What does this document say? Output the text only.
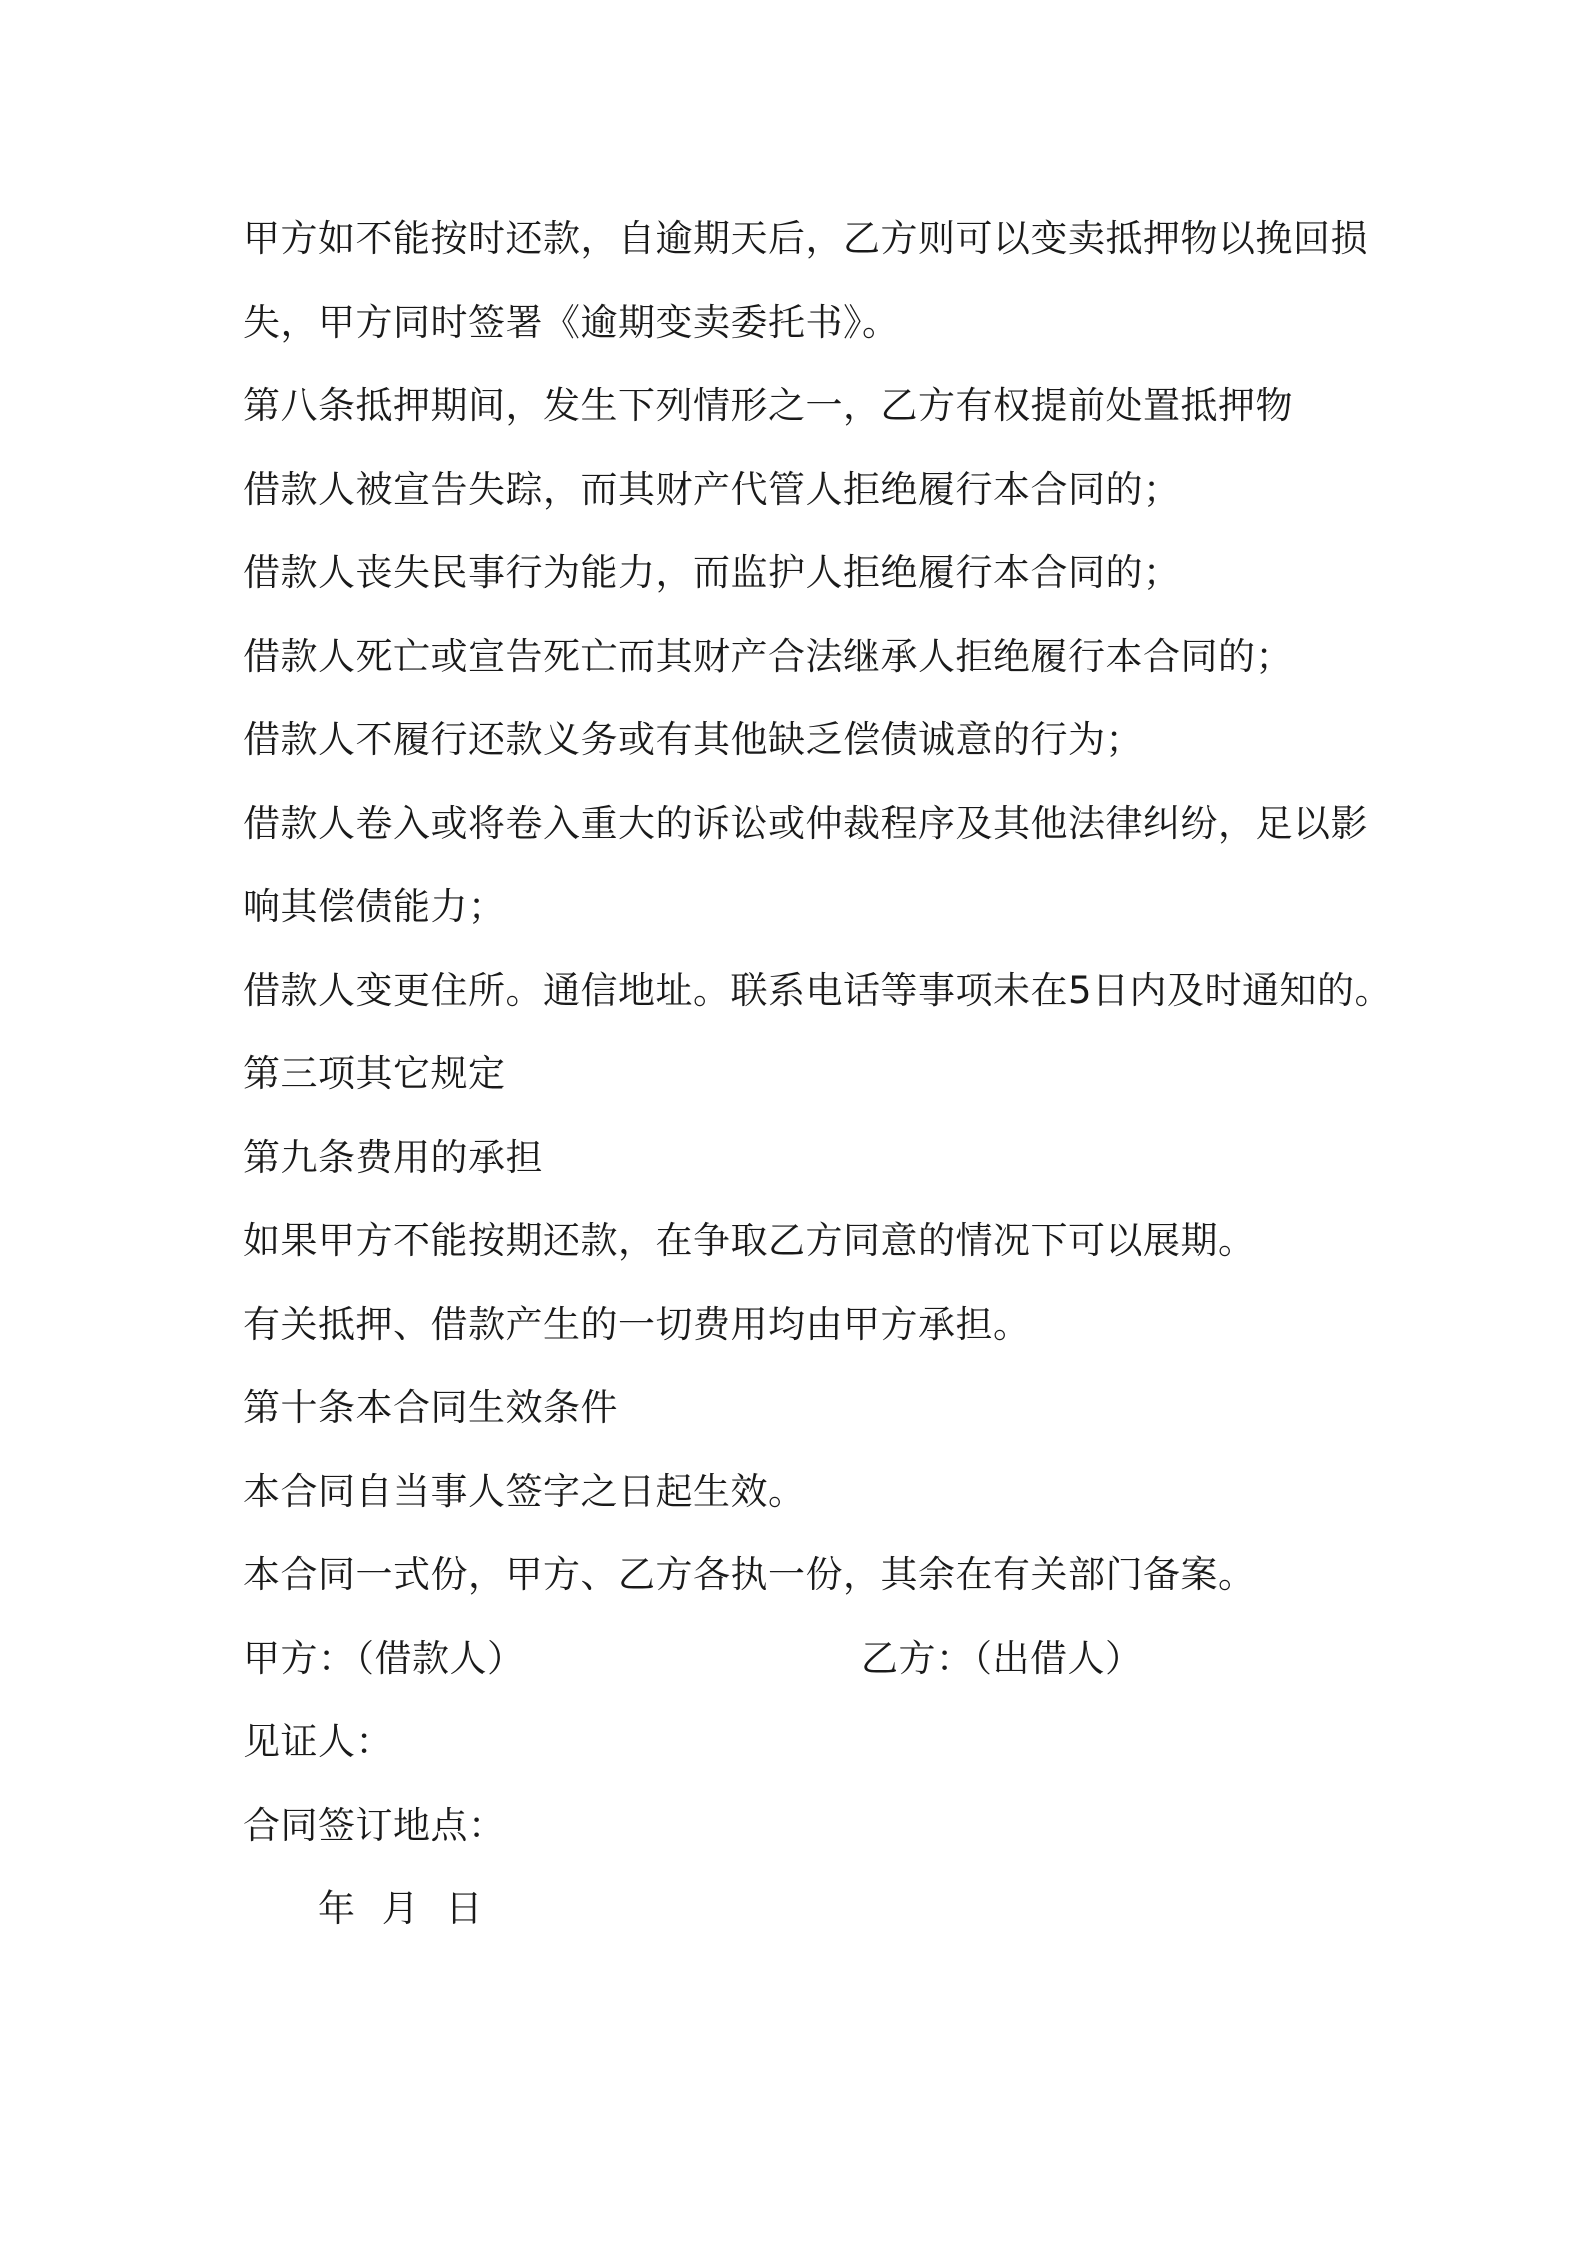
甲方如不能按时还款，自逾期天后，乙方则可以变卖抵押物以挽回损
失，甲方同时签署《逾期变卖委托书》。
第八条抵押期间，发生下列情形之一，乙方有权提前处置抵押物
借款人被宣告失踪，而其财产代管人拒绝履行本合同的；
借款人丧失民事行为能力，而监护人拒绝履行本合同的；
借款人死亡或宣告死亡而其财产合法继承人拒绝履行本合同的；
借款人不履行还款义务或有其他缺乏偿债诚意的行为；
借款人卷入或将卷入重大的诉讼或仲裁程序及其他法律纠纷，足以影
响其偿债能力；
借款人变更住所。通信地址。联系电话等事项未在5日内及时通知的。
第三项其它规定
第九条费用的承担
如果甲方不能按期还款，在争取乙方同意的情况下可以展期。
有关抵押、借款产生的一切费用均由甲方承担。
第十条本合同生效条件
本合同自当事人签字之日起生效。
本合同一式份，甲方、乙方各执一份，其余在有关部门备案。
甲方：（借款人）	乙方：（出借人）
见证人：
合同签订地点：
年 月 日
